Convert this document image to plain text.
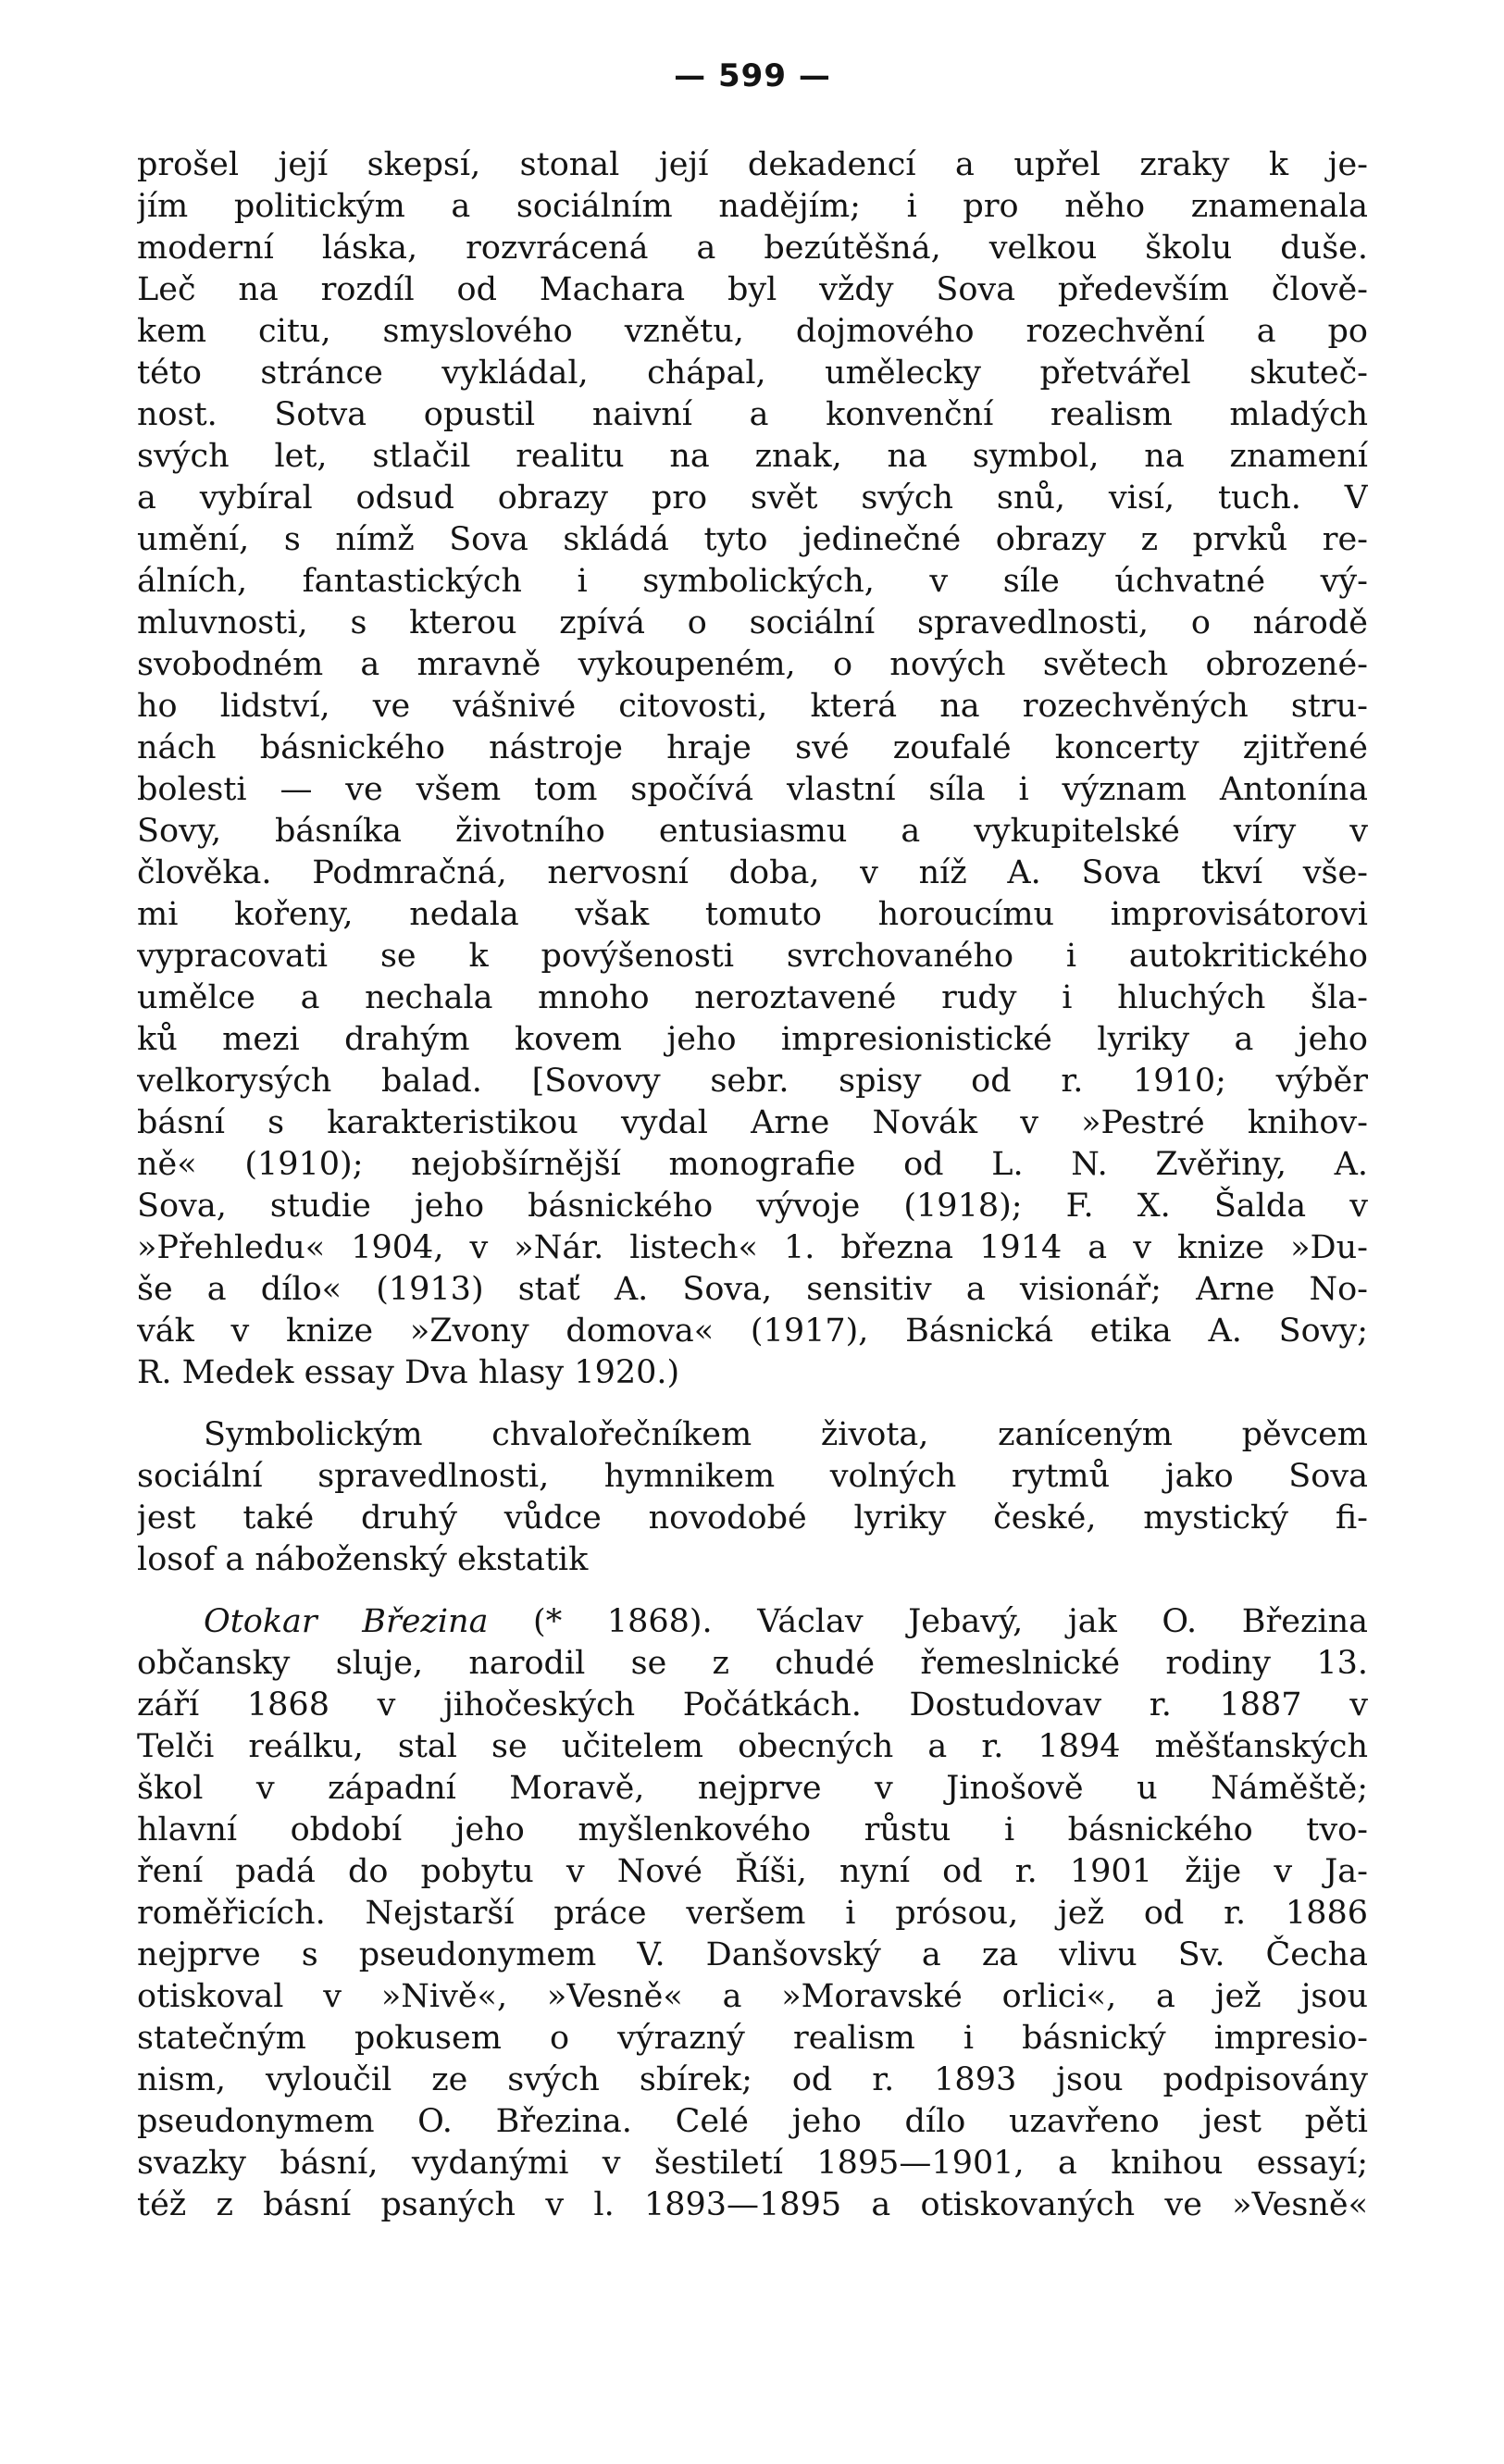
— 599 —
prošel její skepsí, stonal její dekadencí a upřel zraky k je-
jím politickým a sociálním nadějím; i pro něho znamenala
moderní láska, rozvrácená a bezútěšná, velkou školu duše.
Leč na rozdíl od Machara byl vždy Sova především člově-
kem citu, smyslového vznětu, dojmového rozechvění a po
této stránce vykládal, chápal, umělecky přetvářel skuteč-
nost. Sotva opustil naivní a konvenční realism mladých
svých let, stlačil realitu na znak, na symbol, na znamení
a vybíral odsud obrazy pro svět svých snů, visí, tuch. V
umění, s nímž Sova skládá tyto jedinečné obrazy z prvků re-
álních, fantastických i symbolických, v síle úchvatné vý-
mluvnosti, s kterou zpívá o sociální spravedlnosti, o národě
svobodném a mravně vykoupeném, o nových světech obrozené-
ho lidství, ve vášnivé citovosti, která na rozechvěných stru-
nách básnického nástroje hraje své zoufalé koncerty zjitřené
bolesti — ve všem tom spočívá vlastní síla i význam Antonína
Sovy, básníka životního entusiasmu a vykupitelské víry v
člověka. Podmračná, nervosní doba, v níž A. Sova tkví vše-
mi kořeny, nedala však tomuto horoucímu improvisátorovi
vypracovati se k povýšenosti svrchovaného i autokritického
umělce a nechala mnoho neroztavené rudy i hluchých šla-
ků mezi drahým kovem jeho impresionistické lyriky a jeho
velkorysých balad. [Sovovy sebr. spisy od r. 1910; výběr
básní s karakteristikou vydal Arne Novák v »Pestré knihov-
ně« (1910); nejobšírnější monografie od L. N. Zvěřiny, A.
Sova, studie jeho básnického vývoje (1918); F. X. Šalda v
»Přehledu« 1904, v »Nár. listech« 1. března 1914 a v knize »Du-
še a dílo« (1913) stať A. Sova, sensitiv a visionář; Arne No-
vák v knize »Zvony domova« (1917), Básnická etika A. Sovy;
R. Medek essay Dva hlasy 1920.)
Symbolickým chvalořečníkem života, zaníceným pěvcem
sociální spravedlnosti, hymnikem volných rytmů jako Sova
jest také druhý vůdce novodobé lyriky české, mystický fi-
losof a náboženský ekstatik
Otokar Březina (* 1868). Václav Jebavý, jak O. Březina
občansky sluje, narodil se z chudé řemeslnické rodiny 13.
září 1868 v jihočeských Počátkách. Dostudovav r. 1887 v
Telči reálku, stal se učitelem obecných a r. 1894 měšťanských
škol v západní Moravě, nejprve v Jinošově u Náměště;
hlavní období jeho myšlenkového růstu i básnického tvo-
ření padá do pobytu v Nové Říši, nyní od r. 1901 žije v Ja-
roměřicích. Nejstarší práce veršem i prósou, jež od r. 1886
nejprve s pseudonymem V. Danšovský a za vlivu Sv. Čecha
otiskoval v »Nivě«, »Vesně« a »Moravské orlici«, a jež jsou
statečným pokusem o výrazný realism i básnický impresio-
nism, vyloučil ze svých sbírek; od r. 1893 jsou podpisovány
pseudonymem O. Březina. Celé jeho dílo uzavřeno jest pěti
svazky básní, vydanými v šestiletí 1895—1901, a knihou essayí;
též z básní psaných v l. 1893—1895 a otiskovaných ve »Vesně«
